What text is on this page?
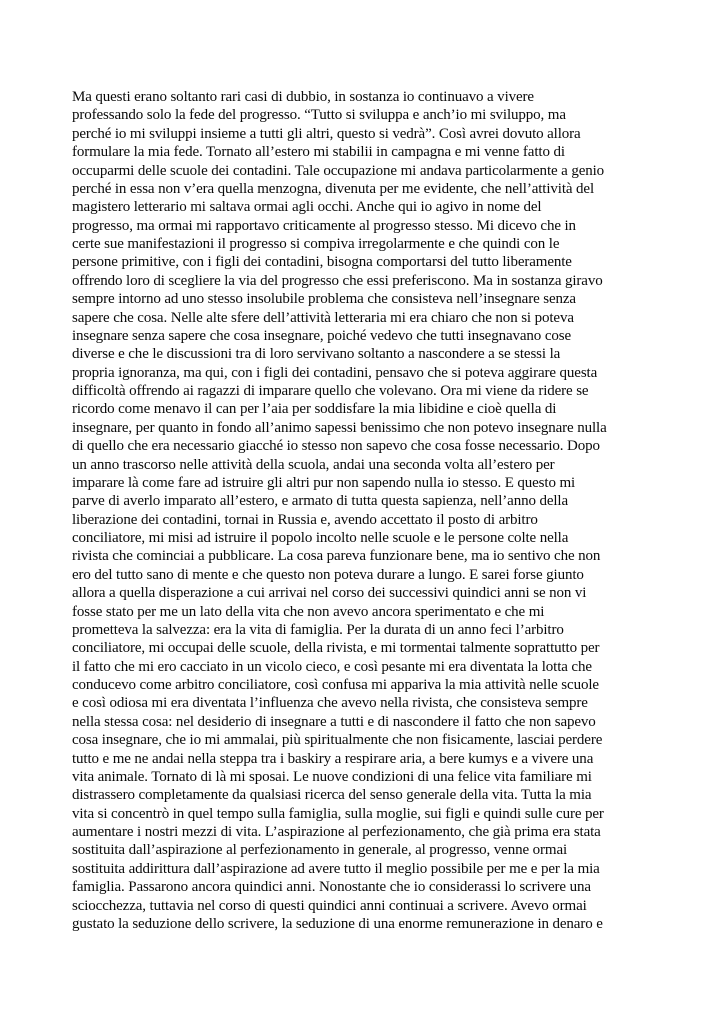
Ma questi erano soltanto rari casi di dubbio, in sostanza io continuavo a vivere
professando solo la fede del progresso. “Tutto si sviluppa e anch’io mi sviluppo, ma
perché io mi sviluppi insieme a tutti gli altri, questo si vedrà”. Così avrei dovuto allora
formulare la mia fede. Tornato all’estero mi stabilii in campagna e mi venne fatto di
occuparmi delle scuole dei contadini. Tale occupazione mi andava particolarmente a genio
perché in essa non v’era quella menzogna, divenuta per me evidente, che nell’attività del
magistero letterario mi saltava ormai agli occhi. Anche qui io agivo in nome del
progresso, ma ormai mi rapportavo criticamente al progresso stesso. Mi dicevo che in
certe sue manifestazioni il progresso si compiva irregolarmente e che quindi con le
persone primitive, con i figli dei contadini, bisogna comportarsi del tutto liberamente
offrendo loro di scegliere la via del progresso che essi preferiscono. Ma in sostanza giravo
sempre intorno ad uno stesso insolubile problema che consisteva nell’insegnare senza
sapere che cosa. Nelle alte sfere dell’attività letteraria mi era chiaro che non si poteva
insegnare senza sapere che cosa insegnare, poiché vedevo che tutti insegnavano cose
diverse e che le discussioni tra di loro servivano soltanto a nascondere a se stessi la
propria ignoranza, ma qui, con i figli dei contadini, pensavo che si poteva aggirare questa
difficoltà offrendo ai ragazzi di imparare quello che volevano. Ora mi viene da ridere se
ricordo come menavo il can per l’aia per soddisfare la mia libidine e cioè quella di
insegnare, per quanto in fondo all’animo sapessi benissimo che non potevo insegnare nulla
di quello che era necessario giacché io stesso non sapevo che cosa fosse necessario. Dopo
un anno trascorso nelle attività della scuola, andai una seconda volta all’estero per
imparare là come fare ad istruire gli altri pur non sapendo nulla io stesso. E questo mi
parve di averlo imparato all’estero, e armato di tutta questa sapienza, nell’anno della
liberazione dei contadini, tornai in Russia e, avendo accettato il posto di arbitro
conciliatore, mi misi ad istruire il popolo incolto nelle scuole e le persone colte nella
rivista che cominciai a pubblicare. La cosa pareva funzionare bene, ma io sentivo che non
ero del tutto sano di mente e che questo non poteva durare a lungo. E sarei forse giunto
allora a quella disperazione a cui arrivai nel corso dei successivi quindici anni se non vi
fosse stato per me un lato della vita che non avevo ancora sperimentato e che mi
prometteva la salvezza: era la vita di famiglia. Per la durata di un anno feci l’arbitro
conciliatore, mi occupai delle scuole, della rivista, e mi tormentai talmente soprattutto per
il fatto che mi ero cacciato in un vicolo cieco, e così pesante mi era diventata la lotta che
conducevo come arbitro conciliatore, così confusa mi appariva la mia attività nelle scuole
e così odiosa mi era diventata l’influenza che avevo nella rivista, che consisteva sempre
nella stessa cosa: nel desiderio di insegnare a tutti e di nascondere il fatto che non sapevo
cosa insegnare, che io mi ammalai, più spiritualmente che non fisicamente, lasciai perdere
tutto e me ne andai nella steppa tra i baskiry a respirare aria, a bere kumys e a vivere una
vita animale. Tornato di là mi sposai. Le nuove condizioni di una felice vita familiare mi
distrassero completamente da qualsiasi ricerca del senso generale della vita. Tutta la mia
vita si concentrò in quel tempo sulla famiglia, sulla moglie, sui figli e quindi sulle cure per
aumentare i nostri mezzi di vita. L’aspirazione al perfezionamento, che già prima era stata
sostituita dall’aspirazione al perfezionamento in generale, al progresso, venne ormai
sostituita addirittura dall’aspirazione ad avere tutto il meglio possibile per me e per la mia
famiglia. Passarono ancora quindici anni. Nonostante che io considerassi lo scrivere una
sciocchezza, tuttavia nel corso di questi quindici anni continuai a scrivere. Avevo ormai
gustato la seduzione dello scrivere, la seduzione di una enorme remunerazione in denaro e
